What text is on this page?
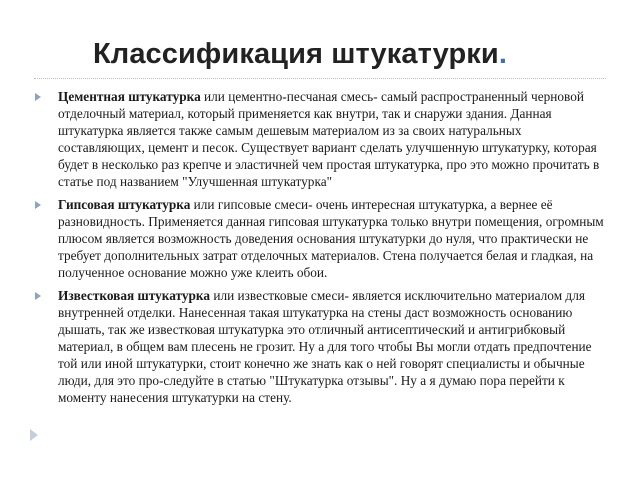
Классификация штукатурки.
Цементная штукатурка или цементно-песчаная смесь- самый распространенный черновой отделочный материал, который применяется как внутри, так и снаружи здания. Данная штукатурка является также самым дешевым материалом из за своих натуральных составляющих, цемент и песок. Существует вариант сделать улучшенную штукатурку, которая будет в несколько раз крепче и эластичней чем простая штукатурка, про это можно прочитать в статье под названием "Улучшенная штукатурка"
Гипсовая штукатурка или гипсовые смеси- очень интересная штукатурка, а вернее её разновидность. Применяется данная гипсовая штукатурка только внутри помещения, огромным плюсом является возможность доведения основания штукатурки до нуля, что практически не требует дополнительных затрат отделочных материалов. Стена получается белая и гладкая, на полученное основание можно уже клеить обои.
Известковая штукатурка или известковые смеси- является исключительно материалом для внутренней отделки. Нанесенная такая штукатурка на стены даст возможность основанию дышать, так же известковая штукатурка это отличный антисептический и антигрибковый материал, в общем вам плесень не грозит. Ну а для того чтобы Вы могли отдать предпочтение той или иной штукатурки, стоит конечно же знать как о ней говорят специалисты и обычные люди, для это про-следуйте в статью "Штукатурка отзывы". Ну а я думаю пора перейти к моменту нанесения штукатурки на стену.
